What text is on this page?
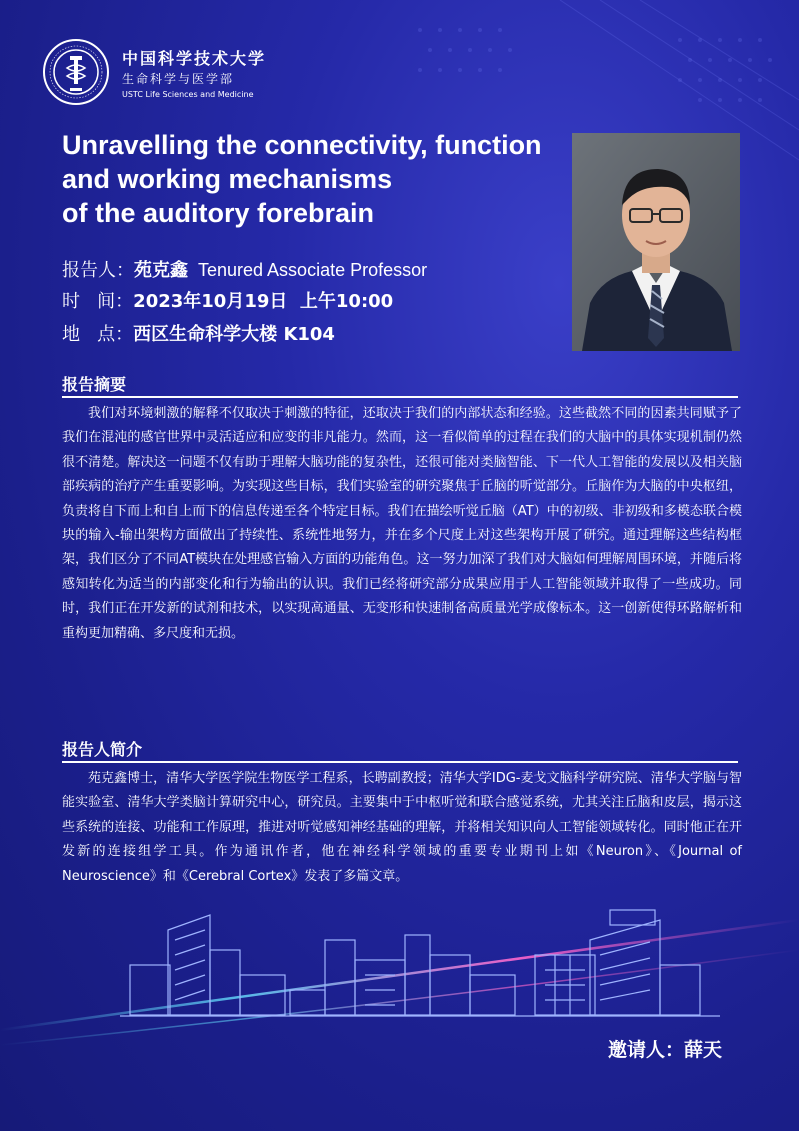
中国科学技术大学
生命科学与医学部
USTC Life Sciences and Medicine
Unravelling the connectivity, function
and working mechanisms
of the auditory forebrain
报告人：苑克鑫 Tenured Associate Professor
时   间：2023年10月19日  上午10:00
地   点：西区生命科学大楼 K104
报告摘要

我们对环境刺激的解释不仅取决于刺激的特征，还取决于我们的内部状态和经验。这些截然不同的因素共同赋予了我们在混沌的感官世界中灵活适应和应变的非凡能力。然而，这一看似简单的过程在我们的大脑中的具体实现机制仍然很不清楚。解决这一问题不仅有助于理解大脑功能的复杂性，还很可能对类脑智能、下一代人工智能的发展以及相关脑部疾病的治疗产生重要影响。为实现这些目标，我们实验室的研究聚焦于丘脑的听觉部分。丘脑作为大脑的中央枢纽，负责将自下而上和自上而下的信息传递至各个特定目标。我们在描绘听觉丘脑（AT）中的初级、非初级和多模态联合模块的输入-输出架构方面做出了持续性、系统性地努力，并在多个尺度上对这些架构开展了研究。通过理解这些结构框架，我们区分了不同AT模块在处理感官输入方面的功能角色。这一努力加深了我们对大脑如何理解周围环境，并随后将感知转化为适当的内部变化和行为输出的认识。我们已经将研究部分成果应用于人工智能领域并取得了一些成功。同时，我们正在开发新的试剂和技术，以实现高通量、无变形和快速制备高质量光学成像标本。这一创新使得环路解析和重构更加精确、多尺度和无损。

报告人简介

苑克鑫博士，清华大学医学院生物医学工程系，长聘副教授；清华大学IDG-麦戈文脑科学研究院、清华大学脑与智能实验室、清华大学类脑计算研究中心，研究员。主要集中于中枢听觉和联合感觉系统，尤其关注丘脑和皮层，揭示这些系统的连接、功能和工作原理，推进对听觉感知神经基础的理解，并将相关知识向人工智能领域转化。同时他正在开发新的连接组学工具。作为通讯作者，他在神经科学领域的重要专业期刊上如《Neuron》、《Journal of Neuroscience》和《Cerebral Cortex》发表了多篇文章。

邀请人：薛天
